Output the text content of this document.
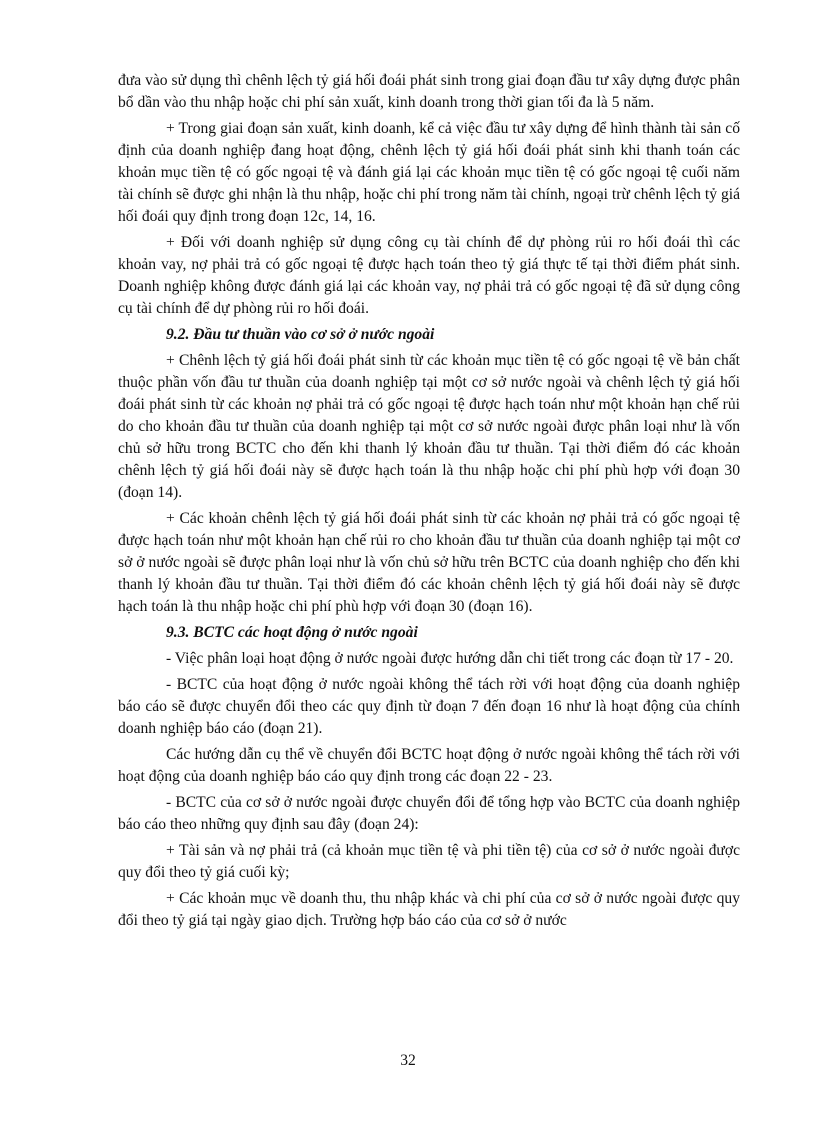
đưa vào sử dụng thì chênh lệch tỷ giá hối đoái phát sinh trong giai đoạn đầu tư xây dựng được phân bổ dần vào thu nhập hoặc chi phí sản xuất, kinh doanh trong thời gian tối đa là 5 năm.

+ Trong giai đoạn sản xuất, kinh doanh, kể cả việc đầu tư xây dựng để hình thành tài sản cố định của doanh nghiệp đang hoạt động, chênh lệch tỷ giá hối đoái phát sinh khi thanh toán các khoản mục tiền tệ có gốc ngoại tệ và đánh giá lại các khoản mục tiền tệ có gốc ngoại tệ cuối năm tài chính sẽ được ghi nhận là thu nhập, hoặc chi phí trong năm tài chính, ngoại trừ chênh lệch tỷ giá hối đoái quy định trong đoạn 12c, 14, 16.

+ Đối với doanh nghiệp sử dụng công cụ tài chính để dự phòng rủi ro hối đoái thì các khoản vay, nợ phải trả có gốc ngoại tệ được hạch toán theo tỷ giá thực tế tại thời điểm phát sinh. Doanh nghiệp không được đánh giá lại các khoản vay, nợ phải trả có gốc ngoại tệ đã sử dụng công cụ tài chính để dự phòng rủi ro hối đoái.

9.2. Đầu tư thuần vào cơ sở ở nước ngoài

+ Chênh lệch tỷ giá hối đoái phát sinh từ các khoản mục tiền tệ có gốc ngoại tệ về bản chất thuộc phần vốn đầu tư thuần của doanh nghiệp tại một cơ sở nước ngoài và chênh lệch tỷ giá hối đoái phát sinh từ các khoản nợ phải trả có gốc ngoại tệ được hạch toán như một khoản hạn chế rủi do cho khoản đầu tư thuần của doanh nghiệp tại một cơ sở nước ngoài được phân loại như là vốn chủ sở hữu trong BCTC cho đến khi thanh lý khoản đầu tư thuần. Tại thời điểm đó các khoản chênh lệch tỷ giá hối đoái này sẽ được hạch toán là thu nhập hoặc chi phí phù hợp với đoạn 30 (đoạn 14).

+ Các khoản chênh lệch tỷ giá hối đoái phát sinh từ các khoản nợ phải trả có gốc ngoại tệ được hạch toán như một khoản hạn chế rủi ro cho khoản đầu tư thuần của doanh nghiệp tại một cơ sở ở nước ngoài sẽ được phân loại như là vốn chủ sở hữu trên BCTC của doanh nghiệp cho đến khi thanh lý khoản đầu tư thuần. Tại thời điểm đó các khoản chênh lệch tỷ giá hối đoái này sẽ được hạch toán là thu nhập hoặc chi phí phù hợp với đoạn 30 (đoạn 16).

9.3. BCTC các hoạt động ở nước ngoài

- Việc phân loại hoạt động ở nước ngoài được hướng dẫn chi tiết trong các đoạn từ 17 - 20.

- BCTC của hoạt động ở nước ngoài không thể tách rời với hoạt động của doanh nghiệp báo cáo sẽ được chuyển đổi theo các quy định từ đoạn 7 đến đoạn 16 như là hoạt động của chính doanh nghiệp báo cáo (đoạn 21).

Các hướng dẫn cụ thể về chuyển đổi BCTC hoạt động ở nước ngoài không thể tách rời với hoạt động của doanh nghiệp báo cáo quy định trong các đoạn 22 - 23.

- BCTC của cơ sở ở nước ngoài được chuyển đổi để tổng hợp vào BCTC của doanh nghiệp báo cáo theo những quy định sau đây (đoạn 24):

+ Tài sản và nợ phải trả (cả khoản mục tiền tệ và phi tiền tệ) của cơ sở ở nước ngoài được quy đổi theo tỷ giá cuối kỳ;

+ Các khoản mục về doanh thu, thu nhập khác và chi phí của cơ sở ở nước ngoài được quy đổi theo tỷ giá tại ngày giao dịch. Trường hợp báo cáo của cơ sở ở nước

32
